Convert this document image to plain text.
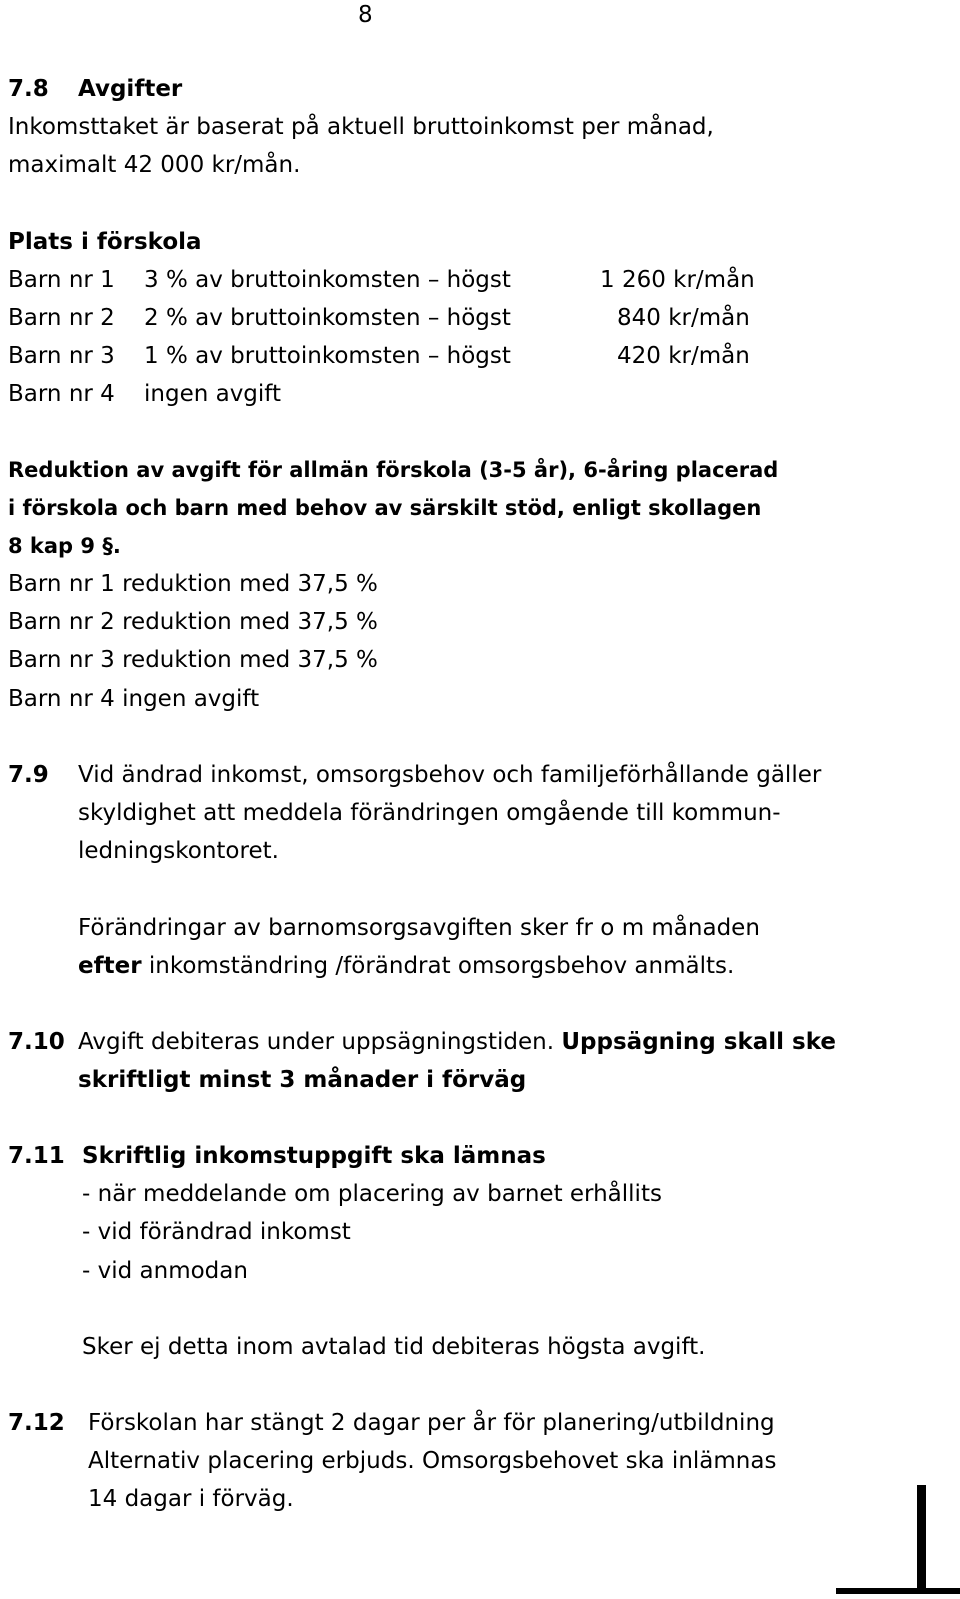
8
7.8 Avgifter
Inkomsttaket är baserat på aktuell bruttoinkomst per månad,
maximalt 42 000 kr/mån.
Plats i förskola
Barn nr 1 3 % av bruttoinkomsten – högst	1 260 kr/mån
Barn nr 2 2 % av bruttoinkomsten – högst	840 kr/mån
Barn nr 3 1 % av bruttoinkomsten – högst	420 kr/mån
Barn nr 4 ingen avgift
Reduktion av avgift för allmän förskola (3-5 år), 6-åring placerad
i förskola och barn med behov av särskilt stöd, enligt skollagen
8 kap 9 §.
Barn nr 1 reduktion med 37,5 %
Barn nr 2 reduktion med 37,5 %
Barn nr 3 reduktion med 37,5 %
Barn nr 4 ingen avgift
7.9 Vid ändrad inkomst, omsorgsbehov och familjeförhållande gäller
skyldighet att meddela förändringen omgående till kommun-
ledningskontoret.
Förändringar av barnomsorgsavgiften sker fr o m månaden
efter inkomständring /förändrat omsorgsbehov anmälts.
7.10 Avgift debiteras under uppsägningstiden. Uppsägning skall ske
skriftligt minst 3 månader i förväg
7.11 Skriftlig inkomstuppgift ska lämnas
- när meddelande om placering av barnet erhållits
- vid förändrad inkomst
- vid anmodan
Sker ej detta inom avtalad tid debiteras högsta avgift.
7.12 Förskolan har stängt 2 dagar per år för planering/utbildning
Alternativ placering erbjuds. Omsorgsbehovet ska inlämnas
14 dagar i förväg.
